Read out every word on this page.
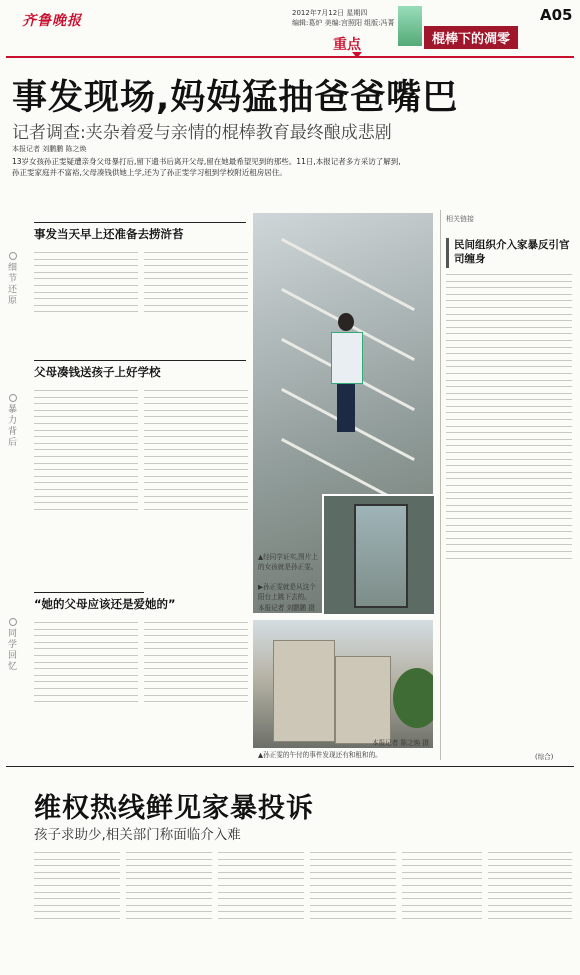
齐鲁晚报	2012年7月12日 星期四
编辑:葛炉 美编:宫照阳 组版:冯菁
重点	棍棒下的凋零
A05
事发现场,妈妈猛抽爸爸嘴巴
记者调查:夹杂着爱与亲情的棍棒教育最终酿成悲剧
本报记者 刘鹏鹏 陈之焕
13岁女孩孙正雯疑遭亲身父母暴打后,留下遗书后离开父母,留在她最希望见到的那些。11日,本报记者多方采访了解到,孙正雯家庭并不富裕,父母凑钱供她上学,还为了孙正雯学习租到学校附近租房居住。
细节还原
暴力背后
同学回忆
事发当天早上还准备去捞浒苔
父母凑钱送孩子上好学校
“她的父母应该还是爱她的”
▲经同学证实,图片上的女孩就是孙正雯。
▶孙正雯就是从这个阳台上跳下去的。
本报记者 刘鹏鹏 摄
▲孙正雯的午付的事件发现还有和租和的。
本报记者 陈之焕 摄
相关链接
民间组织介入家暴反引官司缠身
(综合)
维权热线鲜见家暴投诉
孩子求助少,相关部门称面临介入难
